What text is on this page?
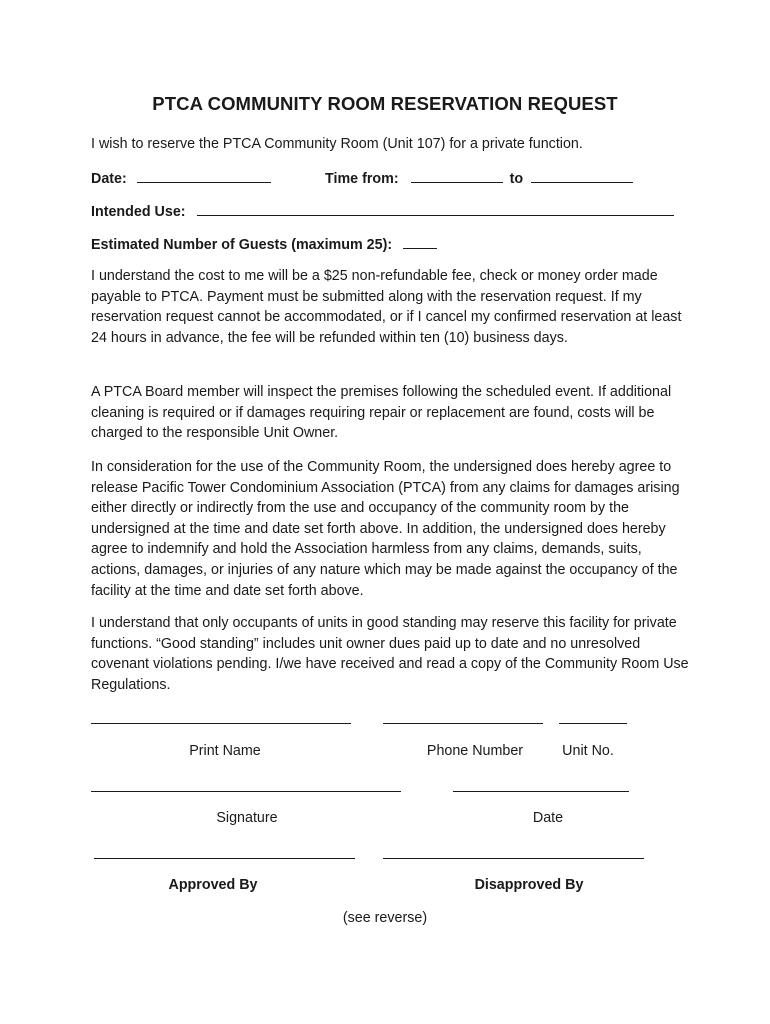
PTCA COMMUNITY ROOM RESERVATION REQUEST

I wish to reserve the PTCA Community Room (Unit 107) for a private function.

Date:	Time from:	to
Intended Use:
Estimated Number of Guests (maximum 25):

I understand the cost to me will be a $25 non-refundable fee, check or money order made payable to PTCA. Payment must be submitted along with the reservation request. If my reservation request cannot be accommodated, or if I cancel my confirmed reservation at least 24 hours in advance, the fee will be refunded within ten (10) business days.

A PTCA Board member will inspect the premises following the scheduled event. If additional cleaning is required or if damages requiring repair or replacement are found, costs will be charged to the responsible Unit Owner.

In consideration for the use of the Community Room, the undersigned does hereby agree to release Pacific Tower Condominium Association (PTCA) from any claims for damages arising either directly or indirectly from the use and occupancy of the community room by the undersigned at the time and date set forth above. In addition, the undersigned does hereby agree to indemnify and hold the Association harmless from any claims, demands, suits, actions, damages, or injuries of any nature which may be made against the occupancy of the facility at the time and date set forth above.

I understand that only occupants of units in good standing may reserve this facility for private functions. “Good standing” includes unit owner dues paid up to date and no unresolved covenant violations pending. I/we have received and read a copy of the Community Room Use Regulations.

Print Name	Phone Number	Unit No.
Signature	Date
Approved By	Disapproved By
(see reverse)
